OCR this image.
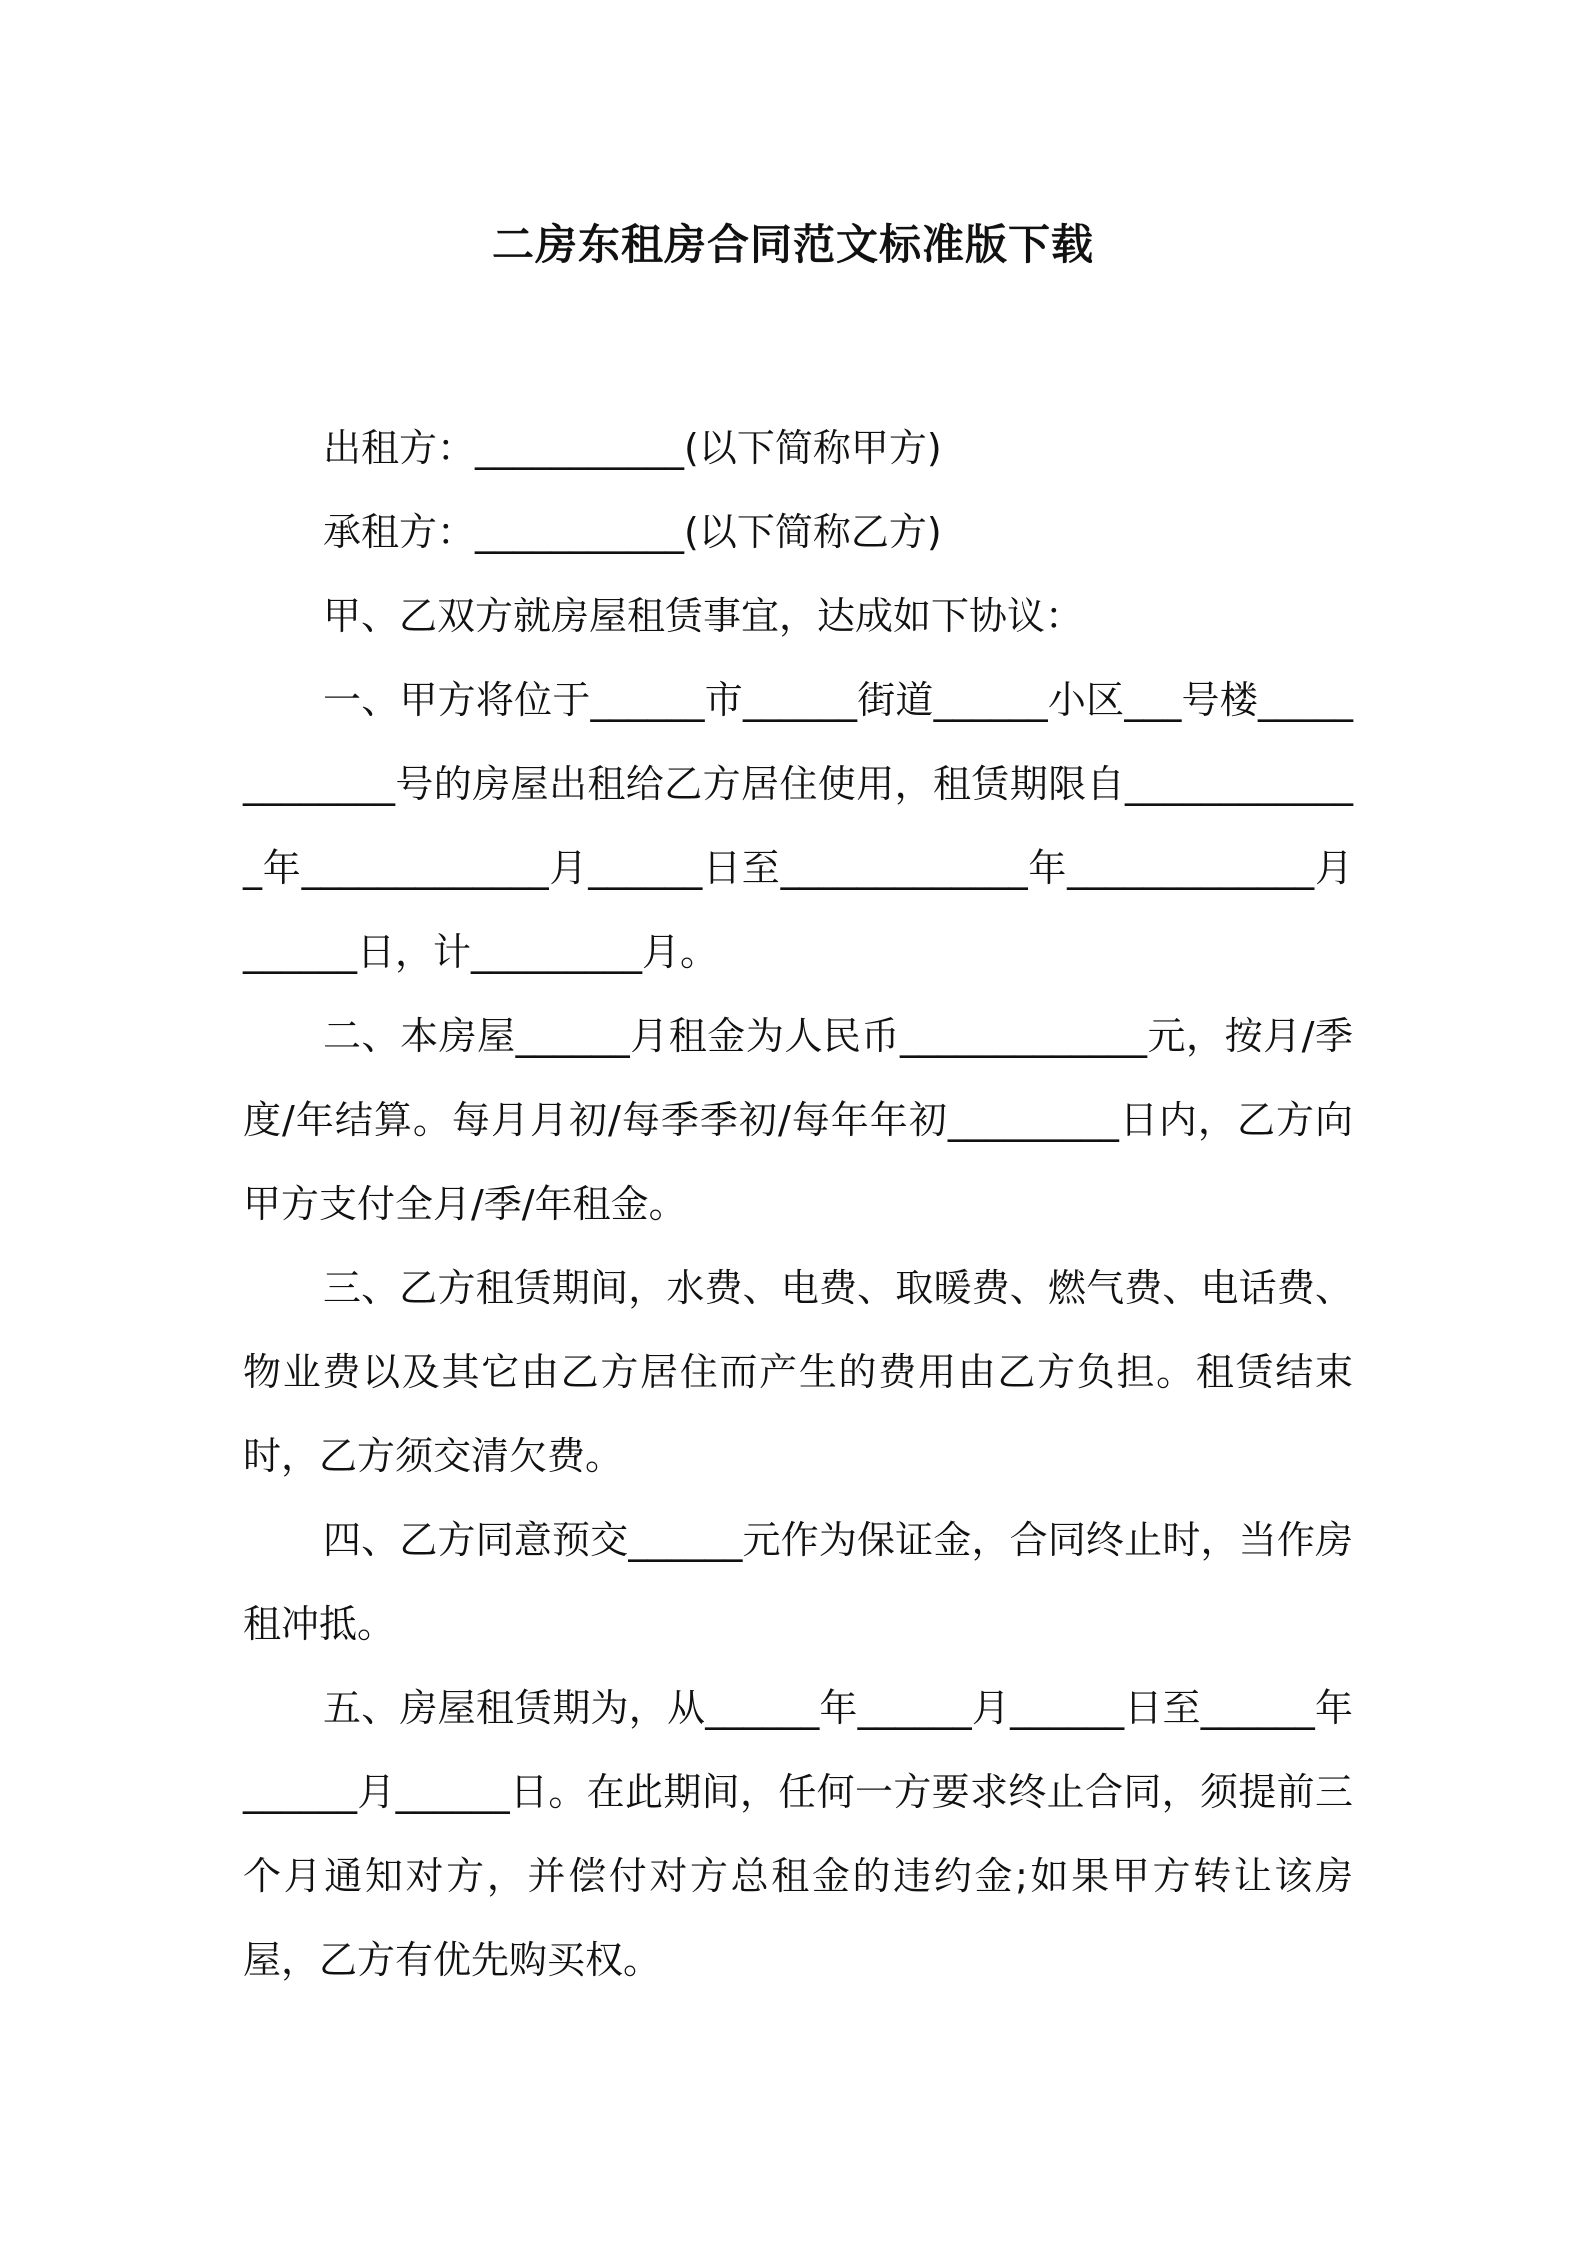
二房东租房合同范文标准版下载

出租方：___________(以下简称甲方)

承租方：___________(以下简称乙方)

甲、乙双方就房屋租赁事宜，达成如下协议：

一、甲方将位于______市______街道______小区___号楼_____________号的房屋出租给乙方居住使用，租赁期限自_____________年_____________月______日至_____________年_____________月______日，计_________月。

二、本房屋______月租金为人民币_____________元，按月/季度/年结算。每月月初/每季季初/每年年初_________日内，乙方向甲方支付全月/季/年租金。

三、乙方租赁期间，水费、电费、取暖费、燃气费、电话费、物业费以及其它由乙方居住而产生的费用由乙方负担。租赁结束时，乙方须交清欠费。

四、乙方同意预交______元作为保证金，合同终止时，当作房租冲抵。

五、房屋租赁期为，从______年______月______日至______年______月______日。在此期间，任何一方要求终止合同，须提前三个月通知对方，并偿付对方总租金的违约金;如果甲方转让该房屋，乙方有优先购买权。
